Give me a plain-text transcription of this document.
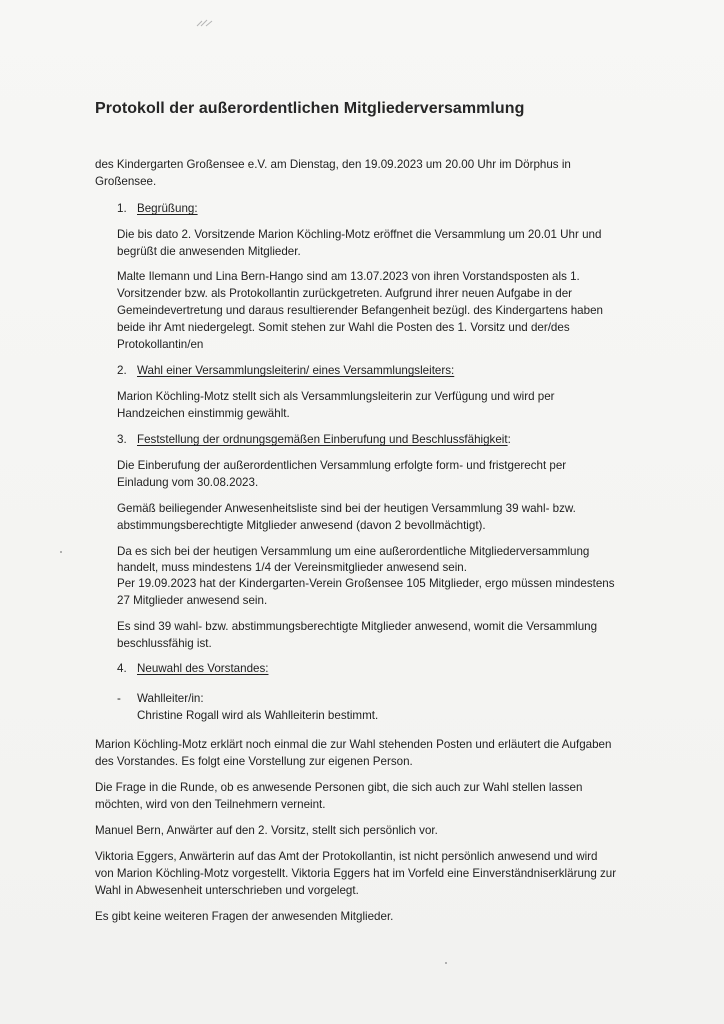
Protokoll der außerordentlichen Mitgliederversammlung
des Kindergarten Großensee e.V. am Dienstag, den 19.09.2023 um 20.00 Uhr im Dörphus in
Großensee.
1. Begrüßung:
Die bis dato 2. Vorsitzende Marion Köchling-Motz eröffnet die Versammlung um 20.01 Uhr und
begrüßt die anwesenden Mitglieder.
Malte Ilemann und Lina Bern-Hango sind am 13.07.2023 von ihren Vorstandsposten als 1.
Vorsitzender bzw. als Protokollantin zurückgetreten. Aufgrund ihrer neuen Aufgabe in der
Gemeindevertretung und daraus resultierender Befangenheit bezügl. des Kindergartens haben
beide ihr Amt niedergelegt. Somit stehen zur Wahl die Posten des 1. Vorsitz und der/des
Protokollantin/en
2. Wahl einer Versammlungsleiterin/ eines Versammlungsleiters:
Marion Köchling-Motz stellt sich als Versammlungsleiterin zur Verfügung und wird per
Handzeichen einstimmig gewählt.
3. Feststellung der ordnungsgemäßen Einberufung und Beschlussfähigkeit:
Die Einberufung der außerordentlichen Versammlung erfolgte form- und fristgerecht per
Einladung vom 30.08.2023.
Gemäß beiliegender Anwesenheitsliste sind bei der heutigen Versammlung 39 wahl- bzw.
abstimmungsberechtigte Mitglieder anwesend (davon 2 bevollmächtigt).
Da es sich bei der heutigen Versammlung um eine außerordentliche Mitgliederversammlung
handelt, muss mindestens 1/4 der Vereinsmitglieder anwesend sein.
Per 19.09.2023 hat der Kindergarten-Verein Großensee 105 Mitglieder, ergo müssen mindestens
27 Mitglieder anwesend sein.
Es sind 39 wahl- bzw. abstimmungsberechtigte Mitglieder anwesend, womit die Versammlung
beschlussfähig ist.
4. Neuwahl des Vorstandes:
- Wahlleiter/in:
Christine Rogall wird als Wahlleiterin bestimmt.
Marion Köchling-Motz erklärt noch einmal die zur Wahl stehenden Posten und erläutert die Aufgaben
des Vorstandes. Es folgt eine Vorstellung zur eigenen Person.
Die Frage in die Runde, ob es anwesende Personen gibt, die sich auch zur Wahl stellen lassen
möchten, wird von den Teilnehmern verneint.
Manuel Bern, Anwärter auf den 2. Vorsitz, stellt sich persönlich vor.
Viktoria Eggers, Anwärterin auf das Amt der Protokollantin, ist nicht persönlich anwesend und wird
von Marion Köchling-Motz vorgestellt. Viktoria Eggers hat im Vorfeld eine Einverständniserklärung zur
Wahl in Abwesenheit unterschrieben und vorgelegt.
Es gibt keine weiteren Fragen der anwesenden Mitglieder.
